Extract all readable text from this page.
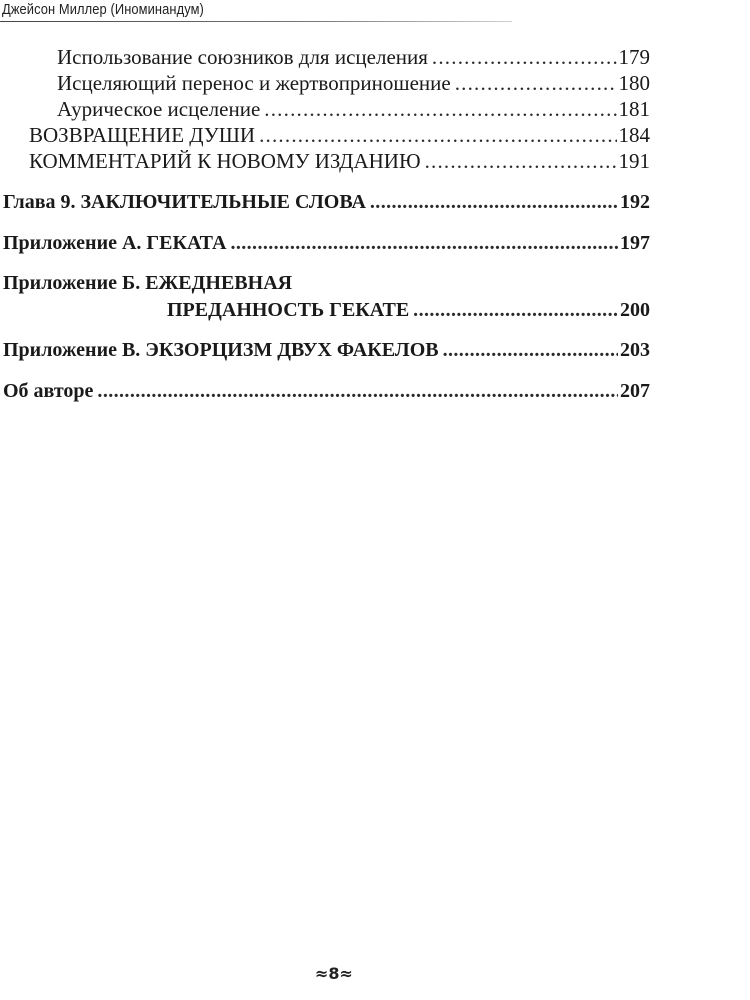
Джейсон Миллер (Иноминандум)
Использование союзников для исцеления .....	179
Исцеляющий перенос и жертвоприношение .....	180
Аурическое исцеление .....	181
ВОЗВРАЩЕНИЕ ДУШИ .....	184
КОММЕНТАРИЙ К НОВОМУ ИЗДАНИЮ .....	191
Глава 9. ЗАКЛЮЧИТЕЛЬНЫЕ СЛОВА .....	192
Приложение А. ГЕКАТА .....	197
Приложение Б. ЕЖЕДНЕВНАЯ
ПРЕДАННОСТЬ ГЕКАТЕ .....	200
Приложение В. ЭКЗОРЦИЗМ ДВУХ ФАКЕЛОВ .....	203
Об авторе .....	207
≈8≈
